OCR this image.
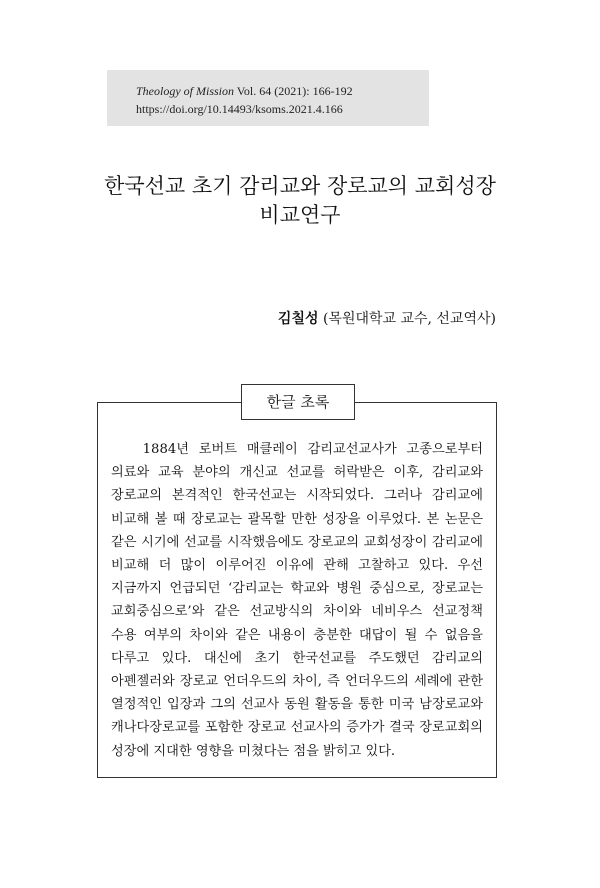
Theology of Mission Vol. 64 (2021): 166-192
https://doi.org/10.14493/ksoms.2021.4.166
한국선교 초기 감리교와 장로교의 교회성장
비교연구
김칠성 (목원대학교 교수, 선교역사)
한글 초록

1884년 로버트 매클레이 감리교선교사가 고종으로부터 의료와 교육 분야의 개신교 선교를 허락받은 이후, 감리교와 장로교의 본격적인 한국선교는 시작되었다. 그러나 감리교에 비교해 볼 때 장로교는 괄목할 만한 성장을 이루었다. 본 논문은 같은 시기에 선교를 시작했음에도 장로교의 교회성장이 감리교에 비교해 더 많이 이루어진 이유에 관해 고찰하고 있다. 우선 지금까지 언급되던 ‘감리교는 학교와 병원 중심으로, 장로교는 교회중심으로’와 같은 선교방식의 차이와 네비우스 선교정책 수용 여부의 차이와 같은 내용이 충분한 대답이 될 수 없음을 다루고 있다. 대신에 초기 한국선교를 주도했던 감리교의 아펜젤러와 장로교 언더우드의 차이, 즉 언더우드의 세례에 관한 열정적인 입장과 그의 선교사 동원 활동을 통한 미국 남장로교와 캐나다장로교를 포함한 장로교 선교사의 증가가 결국 장로교회의 성장에 지대한 영향을 미쳤다는 점을 밝히고 있다.
